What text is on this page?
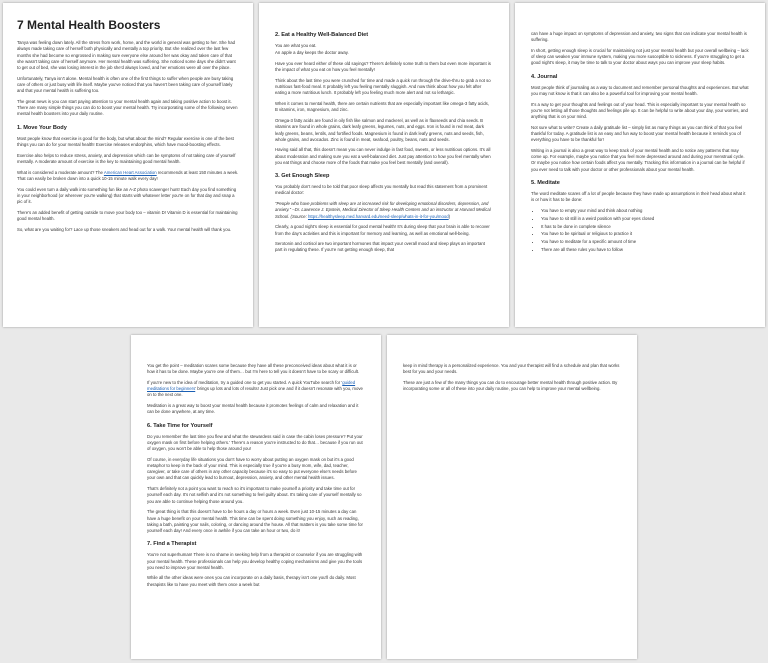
7 Mental Health Boosters

Tanya was feeling down lately. All the stress from work, home, and the world in general was getting to her. She had always made taking care of herself both physically and mentally a top priority. But she realized over the last few months she had become so engrossed in making sure everyone else around her was okay and taken care of that she wasn't taking care of herself anymore. Her mental health was suffering. She noticed some days she didn't want to get out of bed, she was losing interest in the job she'd always loved, and her emotions were all over the place.

Unfortunately, Tanya isn't alone. Mental health is often one of the first things to suffer when people are busy taking care of others or just busy with life itself. Maybe you've noticed that you haven't been taking care of yourself lately and that your mental health is suffering too.

The great news is you can start paying attention to your mental health again and taking positive action to boost it. There are many simple things you can do to boost your mental health. Try incorporating some of the following seven mental health boosters into your daily routine.

1. Move Your Body

Most people know that exercise is good for the body, but what about the mind? Regular exercise is one of the best things you can do for your mental health! Exercise releases endorphins, which have mood-boosting effects.

Exercise also helps to reduce stress, anxiety, and depression which can be symptoms of not taking care of yourself mentally. A moderate amount of exercise is the key to maintaining good mental health.

What is considered a moderate amount? The American Heart Association recommends at least 150 minutes a week. That can easily be broken down into a quick 10-15 minute walk every day!

You could even turn a daily walk into something fun like an A-Z photo scavenger hunt! Each day you find something in your neighborhood (or wherever you're walking) that starts with whatever letter you're on for that day and snap a pic of it.

There's an added benefit of getting outside to move your body too – vitamin D! Vitamin D is essential for maintaining good mental health.

So, what are you waiting for? Lace up those sneakers and head out for a walk. Your mental health will thank you.

2. Eat a Healthy Well-Balanced Diet

You are what you eat.

An apple a day keeps the doctor away.

Have you ever heard either of these old sayings? There's definitely some truth to them but even more important is the impact of what you eat on how you feel mentally!

Think about the last time you were crunched for time and made a quick run through the drive-thru to grab a not so nutritious fast-food meal. It probably left you feeling mentally sluggish. And now think about how you felt after eating a more nutritious lunch. It probably left you feeling much more alert and not so lethargic.

When it comes to mental health, there are certain nutrients that are especially important like omega-3 fatty acids, B vitamins, iron, magnesium, and zinc.

Omega-3 fatty acids are found in oily fish like salmon and mackerel, as well as in flaxseeds and chia seeds. B vitamins are found in whole grains, dark leafy greens, legumes, nuts, and eggs. Iron is found in red meat, dark leafy greens, beans, lentils, and fortified foods. Magnesium is found in dark leafy greens, nuts and seeds, fish, whole grains, and avocados. Zinc is found in meat, seafood, poultry, beans, nuts and seeds.

Having said all that, this doesn't mean you can never indulge in fast food, sweets, or less nutritious options. It's all about moderation and making sure you eat a well-balanced diet. Just pay attention to how you feel mentally when you eat things and choose more of the foods that make you feel best mentally (and overall).

3. Get Enough Sleep

You probably don't need to be told that poor sleep affects you mentally but read this statement from a prominent medical doctor:

"People who have problems with sleep are at increased risk for developing emotional disorders, depression, and anxiety." –Dr. Lawrence J. Epstein, Medical Director of Sleep Health Centers and an instructor at Harvard Medical School. (Source: https://healthysleep.med.harvard.edu/need-sleep/whats-in-it-for-you/mood)

Clearly, a good night's sleep is essential for good mental health! It's during sleep that your brain is able to recover from the day's activities and this is important for memory and learning, as well as emotional well-being.

Serotonin and cortisol are two important hormones that impact your overall mood and sleep plays an important part in regulating these. If you're not getting enough sleep, that

can have a huge impact on symptoms of depression and anxiety, two signs that can indicate your mental health is suffering.

In short, getting enough sleep is crucial for maintaining not just your mental health but your overall wellbeing – lack of sleep can weaken your immune system, making you more susceptible to sickness. If you're struggling to get a good night's sleep, it may be time to talk to your doctor about ways you can improve your sleep habits.

4. Journal

Most people think of journaling as a way to document and remember personal thoughts and experiences. But what you may not know is that it can also be a powerful tool for improving your mental health.

It's a way to get your thoughts and feelings out of your head. This is especially important to your mental health so you're not letting all those thoughts and feelings pile up. It can be helpful to write about your day, your worries, and anything that is on your mind.

Not sure what to write? Create a daily gratitude list – simply list as many things as you can think of that you feel thankful for today. A gratitude list is an easy and fun way to boost your mental health because it reminds you of everything you have to be thankful for!

Writing in a journal is also a great way to keep track of your mental health and to notice any patterns that may come up. For example, maybe you notice that you feel more depressed around and during your menstrual cycle. Or maybe you notice how certain foods affect you mentally. Tracking this information in a journal can be helpful if you ever need to talk with your doctor or other professionals about your mental health.

5. Meditate

The word meditate scares off a lot of people because they have made up assumptions in their head about what it is or how it has to be done:

• You have to empty your mind and think about nothing
• You have to sit still in a weird position with your eyes closed
• It has to be done in complete silence
• You have to be spiritual or religious to practice it
• You have to meditate for a specific amount of time
• There are all these rules you have to follow

You get the point – meditation scares some because they have all these preconceived ideas about what it is or how it has to be done. Maybe you're one of them… but I'm here to tell you it doesn't have to be scary or difficult.

If you're new to the idea of meditation, try a guided one to get you started. A quick YouTube search for 'guided meditations for beginners' brings up lots and lots of results! Just pick one and if it doesn't resonate with you, move on to the next one.

Meditation is a great way to boost your mental health because it promotes feelings of calm and relaxation and it can be done anywhere, at any time.

6. Take Time for Yourself

Do you remember the last time you flew and what the stewardess said in case the cabin loses pressure? Put your oxygen mask on first before helping others.' There's a reason you're instructed to do that… because if you run out of oxygen, you won't be able to help those around you!

Of course, in everyday life situations you don't have to worry about putting an oxygen mask on but it's a good metaphor to keep in the back of your mind. This is especially true if you're a busy mom, wife, dad, teacher, caregiver, or take care of others in any other capacity because it's so easy to put everyone else's needs before your own and that can quickly lead to burnout, depression, anxiety, and other mental health issues.

That's definitely not a point you want to reach so it's important to make yourself a priority and take time out for yourself each day. It's not selfish and it's not something to feel guilty about. It's taking care of yourself mentally so you are able to continue helping those around you.

The great thing is that this doesn't have to be hours a day or hours a week. Even just 10-15 minutes a day can have a huge benefit on your mental health. This time can be spent doing something you enjoy, such as reading, taking a bath, painting your nails, coloring, or dancing around the house. All that matters is you take some time for yourself each day! And every once in awhile if you can take an hour or two, do it!

7. Find a Therapist

You're not superhuman! There is no shame in seeking help from a therapist or counselor if you are struggling with your mental health. These professionals can help you develop healthy coping mechanisms and give you the tools you need to improve your mental health.

While all the other ideas were ones you can incorporate on a daily basis, therapy isn't one you'll do daily. Most therapists like to have you meet with them once a week but

keep in mind therapy is a personalized experience. You and your therapist will find a schedule and plan that works best for you and your needs.

These are just a few of the many things you can do to encourage better mental health through positive action. By incorporating some or all of these into your daily routine, you can help to improve your mental wellbeing.
